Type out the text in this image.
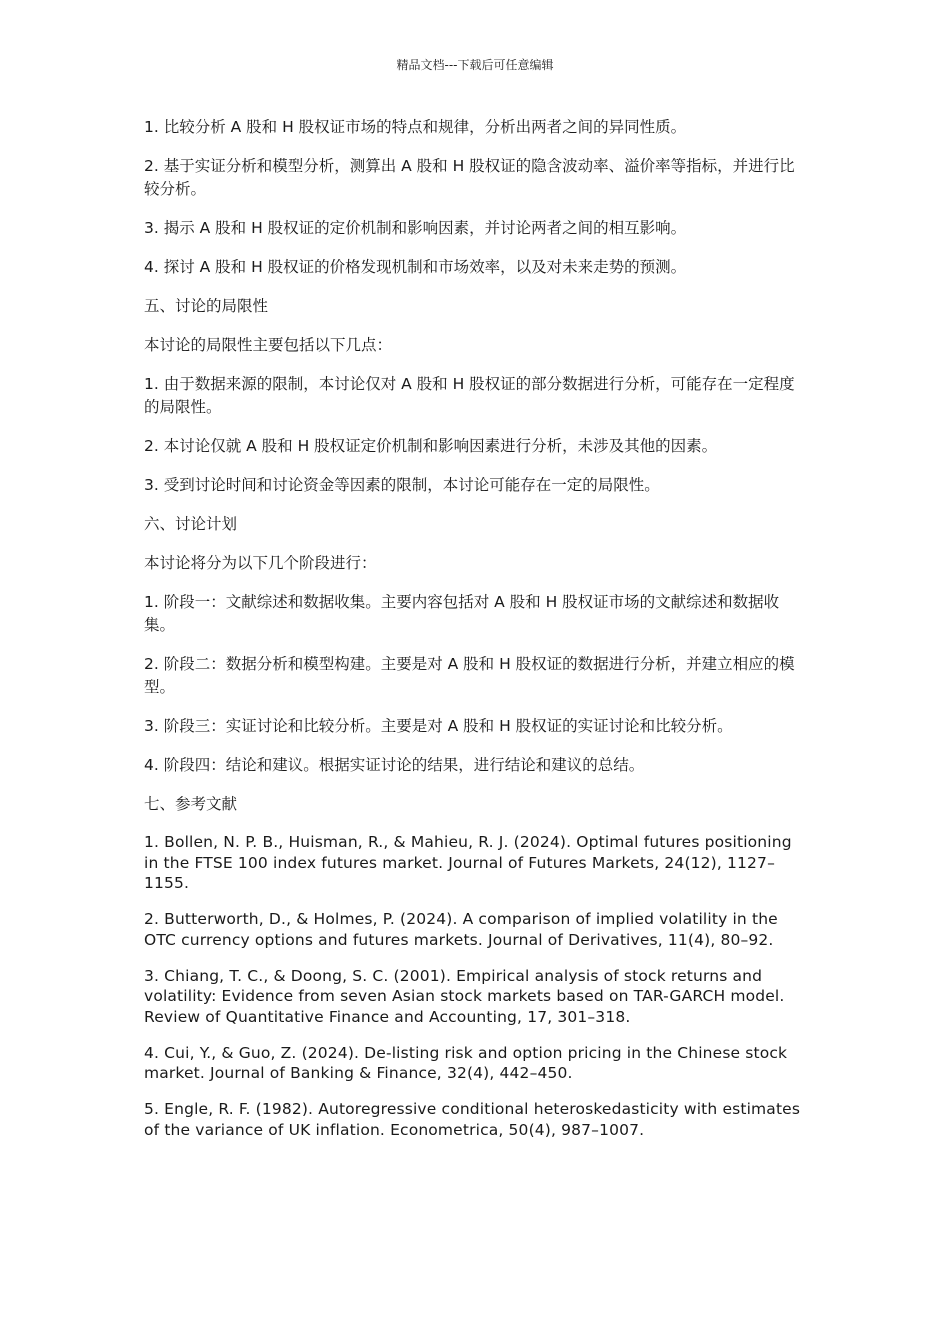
精品文档---下载后可任意编辑

1. 比较分析 A 股和 H 股权证市场的特点和规律，分析出两者之间的异同性质。

2. 基于实证分析和模型分析，测算出 A 股和 H 股权证的隐含波动率、溢价率等指标，并进行比较分析。

3. 揭示 A 股和 H 股权证的定价机制和影响因素，并讨论两者之间的相互影响。

4. 探讨 A 股和 H 股权证的价格发现机制和市场效率，以及对未来走势的预测。

五、讨论的局限性

本讨论的局限性主要包括以下几点：

1. 由于数据来源的限制，本讨论仅对 A 股和 H 股权证的部分数据进行分析，可能存在一定程度的局限性。

2. 本讨论仅就 A 股和 H 股权证定价机制和影响因素进行分析，未涉及其他的因素。

3. 受到讨论时间和讨论资金等因素的限制，本讨论可能存在一定的局限性。

六、讨论计划

本讨论将分为以下几个阶段进行：

1. 阶段一：文献综述和数据收集。主要内容包括对 A 股和 H 股权证市场的文献综述和数据收集。

2. 阶段二：数据分析和模型构建。主要是对 A 股和 H 股权证的数据进行分析，并建立相应的模型。

3. 阶段三：实证讨论和比较分析。主要是对 A 股和 H 股权证的实证讨论和比较分析。

4. 阶段四：结论和建议。根据实证讨论的结果，进行结论和建议的总结。

七、参考文献

1. Bollen, N. P. B., Huisman, R., & Mahieu, R. J. (2024). Optimal futures positioning in the FTSE 100 index futures market. Journal of Futures Markets, 24(12), 1127–1155.

2. Butterworth, D., & Holmes, P. (2024). A comparison of implied volatility in the OTC currency options and futures markets. Journal of Derivatives, 11(4), 80–92.

3. Chiang, T. C., & Doong, S. C. (2001). Empirical analysis of stock returns and volatility: Evidence from seven Asian stock markets based on TAR-GARCH model. Review of Quantitative Finance and Accounting, 17, 301–318.

4. Cui, Y., & Guo, Z. (2024). De-listing risk and option pricing in the Chinese stock market. Journal of Banking & Finance, 32(4), 442–450.

5. Engle, R. F. (1982). Autoregressive conditional heteroskedasticity with estimates of the variance of UK inflation. Econometrica, 50(4), 987–1007.
